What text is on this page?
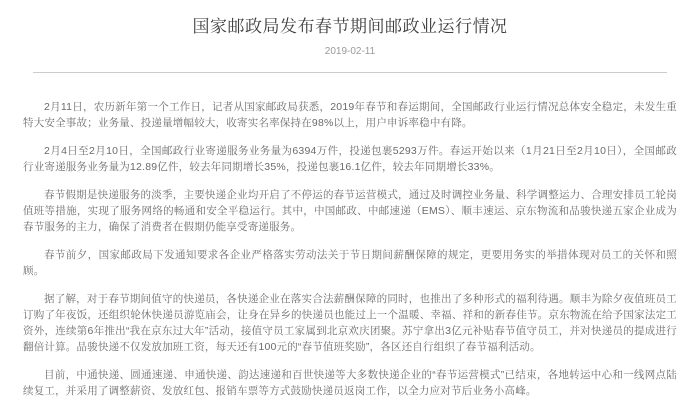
国家邮政局发布春节期间邮政业运行情况
2019-02-11

2月11日，农历新年第一个工作日，记者从国家邮政局获悉，2019年春节和春运期间，全国邮政行业运行情况总体安全稳定，未发生重特大安全事故；业务量、投递量增幅较大，收寄实名率保持在98%以上，用户申诉率稳中有降。

2月4日至2月10日，全国邮政行业寄递服务业务量为6394万件，投递包裹5293万件。春运开始以来（1月21日至2月10日），全国邮政行业寄递服务业务量为12.89亿件，较去年同期增长35%，投递包裹16.1亿件，较去年同期增长33%。

春节假期是快递服务的淡季，主要快递企业均开启了不停运的春节运营模式，通过及时调控业务量、科学调整运力、合理安排员工轮岗值班等措施，实现了服务网络的畅通和安全平稳运行。其中，中国邮政、中邮速递（EMS）、顺丰速运、京东物流和品骏快递五家企业成为春节服务的主力，确保了消费者在假期仍能享受寄递服务。

春节前夕，国家邮政局下发通知要求各企业严格落实劳动法关于节日期间薪酬保障的规定，更要用务实的举措体现对员工的关怀和照顾。

据了解，对于春节期间值守的快递员，各快递企业在落实合法薪酬保障的同时，也推出了多种形式的福利待遇。顺丰为除夕夜值班员工订购了年夜饭，还组织轮休快递员游览庙会，让身在异乡的快递员也能过上一个温暖、幸福、祥和的新春佳节。京东物流在给予国家法定工资外，连续第6年推出“我在京东过大年”活动，接值守员工家属到北京欢庆团聚。苏宁拿出3亿元补贴春节值守员工，并对快递员的提成进行翻倍计算。品骏快递不仅发放加班工资，每天还有100元的“春节值班奖励”，各区还自行组织了春节福利活动。

目前，中通快递、圆通速递、申通快递、韵达速递和百世快递等大多数快递企业的“春节运营模式”已结束，各地转运中心和一线网点陆续复工，并采用了调整薪资、发放红包、报销车票等方式鼓励快递员返岗工作，以全力应对节后业务小高峰。
